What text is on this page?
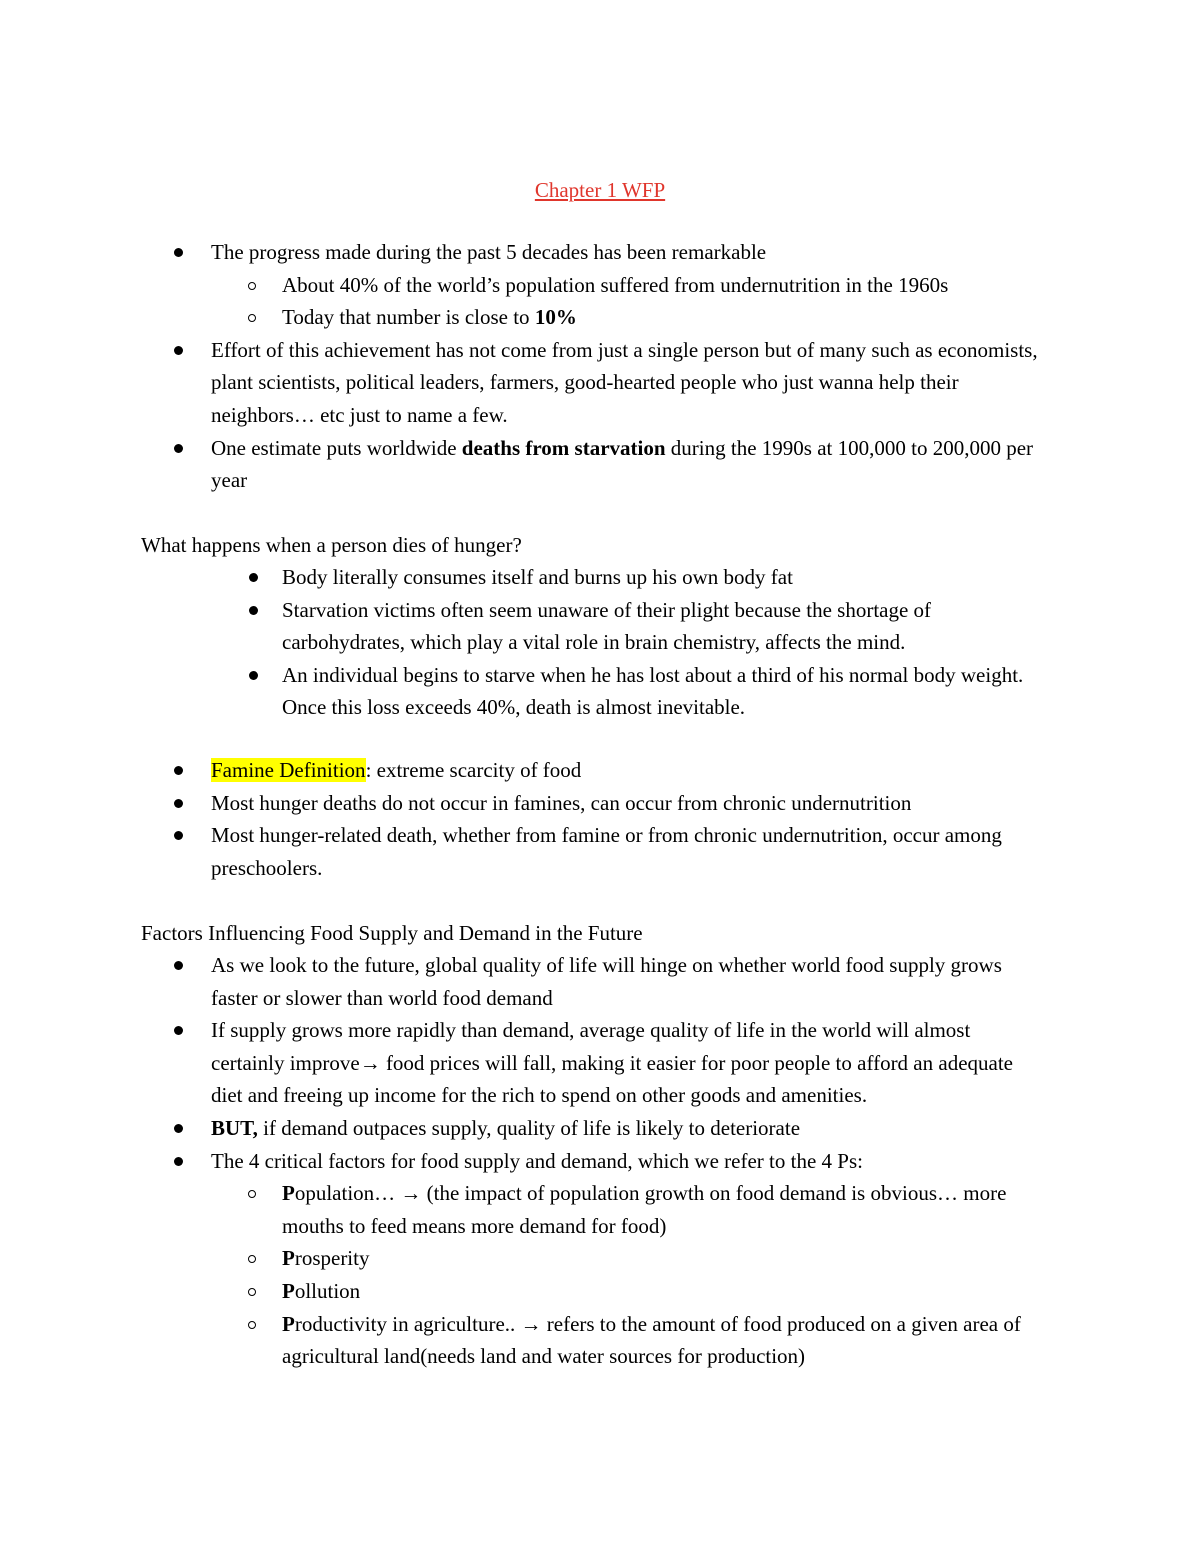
Chapter 1 WFP
The progress made during the past 5 decades has been remarkable
About 40% of the world’s population suffered from undernutrition in the 1960s
Today that number is close to 10%
Effort of this achievement has not come from just a single person but of many such as economists, plant scientists, political leaders, farmers, good-hearted people who just wanna help their neighbors… etc just to name a few.
One estimate puts worldwide deaths from starvation during the 1990s at 100,000 to 200,000 per year
What happens when a person dies of hunger?
Body literally consumes itself and burns up his own body fat
Starvation victims often seem unaware of their plight because the shortage of carbohydrates, which play a vital role in brain chemistry, affects the mind.
An individual begins to starve when he has lost about a third of his normal body weight. Once this loss exceeds 40%, death is almost inevitable.
Famine Definition: extreme scarcity of food
Most hunger deaths do not occur in famines, can occur from chronic undernutrition
Most hunger-related death, whether from famine or from chronic undernutrition, occur among preschoolers.
Factors Influencing Food Supply and Demand in the Future
As we look to the future, global quality of life will hinge on whether world food supply grows faster or slower than world food demand
If supply grows more rapidly than demand, average quality of life in the world will almost certainly improve→ food prices will fall, making it easier for poor people to afford an adequate diet and freeing up income for the rich to spend on other goods and amenities.
BUT, if demand outpaces supply, quality of life is likely to deteriorate
The 4 critical factors for food supply and demand, which we refer to the 4 Ps:
Population… → (the impact of population growth on food demand is obvious… more mouths to feed means more demand for food)
Prosperity
Pollution
Productivity in agriculture.. → refers to the amount of food produced on a given area of agricultural land(needs land and water sources for production)
